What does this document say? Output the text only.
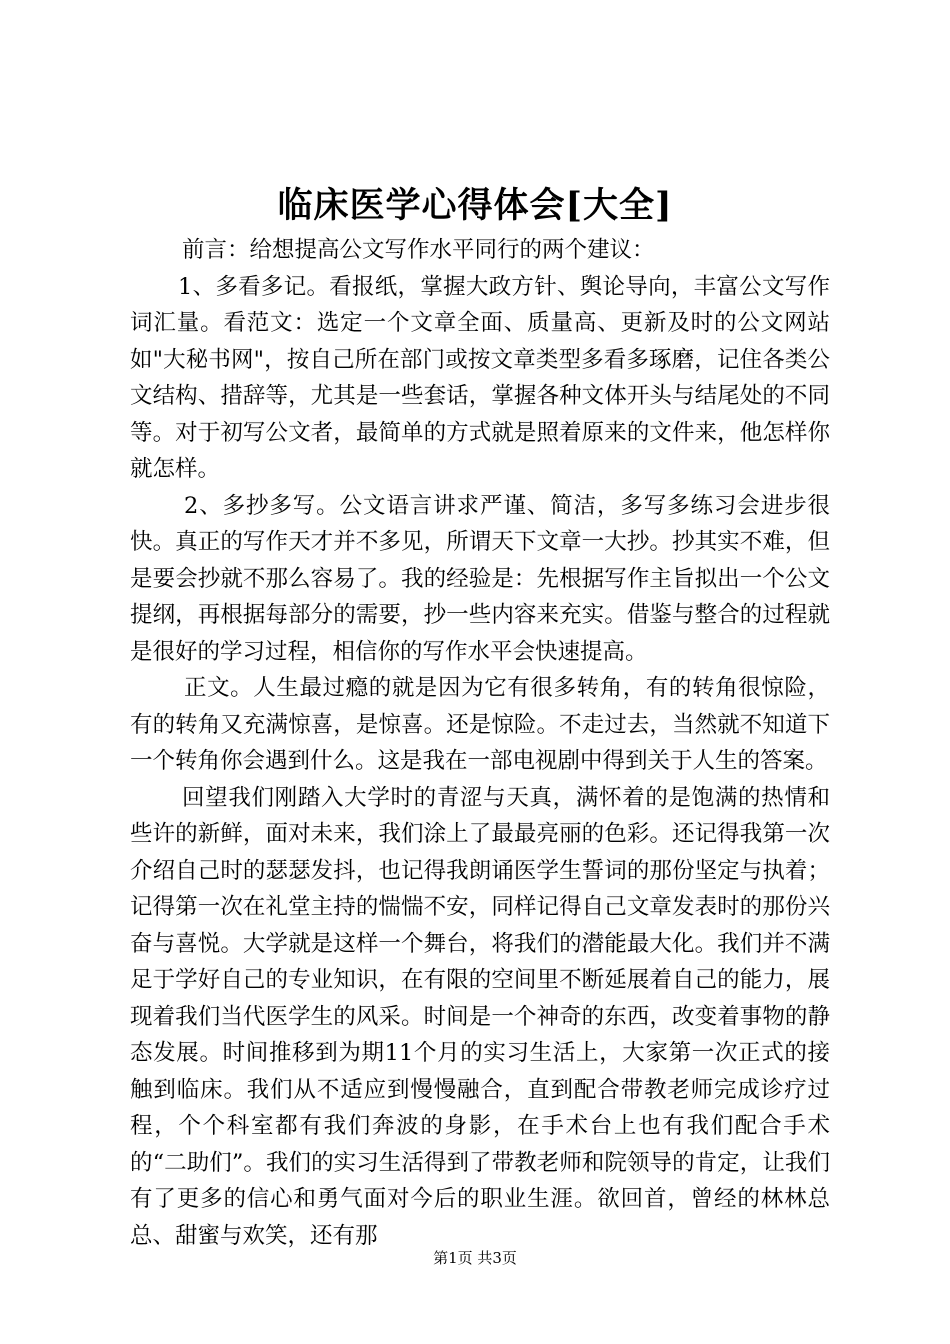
临床医学心得体会[大全]

前言：给想提高公文写作水平同行的两个建议：

1、多看多记。看报纸，掌握大政方针、舆论导向，丰富公文写作词汇量。看范文：选定一个文章全面、质量高、更新及时的公文网站如"大秘书网"，按自己所在部门或按文章类型多看多琢磨，记住各类公文结构、措辞等，尤其是一些套话，掌握各种文体开头与结尾处的不同等。对于初写公文者，最简单的方式就是照着原来的文件来，他怎样你就怎样。

2、多抄多写。公文语言讲求严谨、简洁，多写多练习会进步很快。真正的写作天才并不多见，所谓天下文章一大抄。抄其实不难，但是要会抄就不那么容易了。我的经验是：先根据写作主旨拟出一个公文提纲，再根据每部分的需要，抄一些内容来充实。借鉴与整合的过程就是很好的学习过程，相信你的写作水平会快速提高。

正文。人生最过瘾的就是因为它有很多转角，有的转角很惊险，有的转角又充满惊喜，是惊喜。还是惊险。不走过去，当然就不知道下一个转角你会遇到什么。这是我在一部电视剧中得到关于人生的答案。

回望我们刚踏入大学时的青涩与天真，满怀着的是饱满的热情和些许的新鲜，面对未来，我们涂上了最最亮丽的色彩。还记得我第一次介绍自己时的瑟瑟发抖，也记得我朗诵医学生誓词的那份坚定与执着；记得第一次在礼堂主持的惴惴不安，同样记得自己文章发表时的那份兴奋与喜悦。大学就是这样一个舞台，将我们的潜能最大化。我们并不满足于学好自己的专业知识，在有限的空间里不断延展着自己的能力，展现着我们当代医学生的风采。时间是一个神奇的东西，改变着事物的静态发展。时间推移到为期11个月的实习生活上，大家第一次正式的接触到临床。我们从不适应到慢慢融合，直到配合带教老师完成诊疗过程，个个科室都有我们奔波的身影，在手术台上也有我们配合手术的“二助们”。我们的实习生活得到了带教老师和院领导的肯定，让我们有了更多的信心和勇气面对今后的职业生涯。欲回首，曾经的林林总总、甜蜜与欢笑，还有那

第1页 共3页
